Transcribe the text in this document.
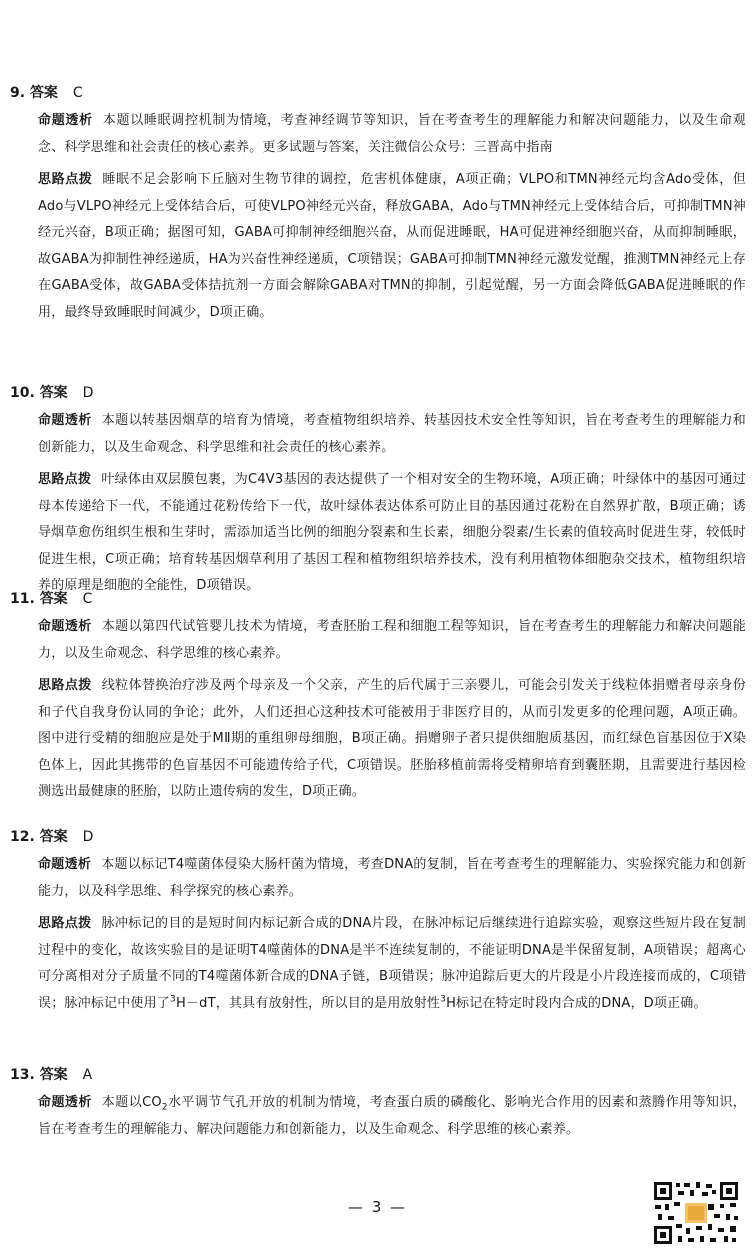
9. 答案 C
命题透析 本题以睡眠调控机制为情境，考查神经调节等知识，旨在考查考生的理解能力和解决问题能力，以及生命观念、科学思维和社会责任的核心素养。更多试题与答案，关注微信公众号：三晋高中指南
思路点拨 睡眠不足会影响下丘脑对生物节律的调控，危害机体健康，A项正确；VLPO和TMN神经元均含Ado受体，但Ado与VLPO神经元上受体结合后，可使VLPO神经元兴奋，释放GABA，Ado与TMN神经元上受体结合后，可抑制TMN神经元兴奋，B项正确；据图可知，GABA可抑制神经细胞兴奋，从而促进睡眠，HA可促进神经细胞兴奋，从而抑制睡眠，故GABA为抑制性神经递质，HA为兴奋性神经递质，C项错误；GABA可抑制TMN神经元激发觉醒，推测TMN神经元上存在GABA受体，故GABA受体拮抗剂一方面会解除GABA对TMN的抑制，引起觉醒，另一方面会降低GABA促进睡眠的作用，最终导致睡眠时间减少，D项正确。
10. 答案 D
命题透析 本题以转基因烟草的培育为情境，考查植物组织培养、转基因技术安全性等知识，旨在考查考生的理解能力和创新能力，以及生命观念、科学思维和社会责任的核心素养。
思路点拨 叶绿体由双层膜包裹，为C4V3基因的表达提供了一个相对安全的生物环境，A项正确；叶绿体中的基因可通过母本传递给下一代，不能通过花粉传给下一代，故叶绿体表达体系可防止目的基因通过花粉在自然界扩散，B项正确；诱导烟草愈伤组织生根和生芽时，需添加适当比例的细胞分裂素和生长素，细胞分裂素/生长素的值较高时促进生芽，较低时促进生根，C项正确；培育转基因烟草利用了基因工程和植物组织培养技术，没有利用植物体细胞杂交技术，植物组织培养的原理是细胞的全能性，D项错误。
11. 答案 C
命题透析 本题以第四代试管婴儿技术为情境，考查胚胎工程和细胞工程等知识，旨在考查考生的理解能力和解决问题能力，以及生命观念、科学思维的核心素养。
思路点拨 线粒体替换治疗涉及两个母亲及一个父亲，产生的后代属于三亲婴儿，可能会引发关于线粒体捐赠者母亲身份和子代自我身份认同的争论；此外，人们还担心这种技术可能被用于非医疗目的，从而引发更多的伦理问题，A项正确。图中进行受精的细胞应是处于MⅡ期的重组卵母细胞，B项正确。捐赠卵子者只提供细胞质基因，而红绿色盲基因位于X染色体上，因此其携带的色盲基因不可能遗传给子代，C项错误。胚胎移植前需将受精卵培育到囊胚期，且需要进行基因检测选出最健康的胚胎，以防止遗传病的发生，D项正确。
12. 答案 D
命题透析 本题以标记T4噬菌体侵染大肠杆菌为情境，考查DNA的复制，旨在考查考生的理解能力、实验探究能力和创新能力，以及科学思维、科学探究的核心素养。
思路点拨 脉冲标记的目的是短时间内标记新合成的DNA片段，在脉冲标记后继续进行追踪实验，观察这些短片段在复制过程中的变化，故该实验目的是证明T4噬菌体的DNA是半不连续复制的，不能证明DNA是半保留复制，A项错误；超离心可分离相对分子质量不同的T4噬菌体新合成的DNA子链，B项错误；脉冲追踪后更大的片段是小片段连接而成的，C项错误；脉冲标记中使用了$^3$H－dT，其具有放射性，所以目的是用放射性$^3$H标记在特定时段内合成的DNA，D项正确。
13. 答案 A
命题透析 本题以$CO_2$水平调节气孔开放的机制为情境，考查蛋白质的磷酸化、影响光合作用的因素和蒸腾作用等知识，旨在考查考生的理解能力、解决问题能力和创新能力，以及生命观念、科学思维的核心素养。
— 3 —
